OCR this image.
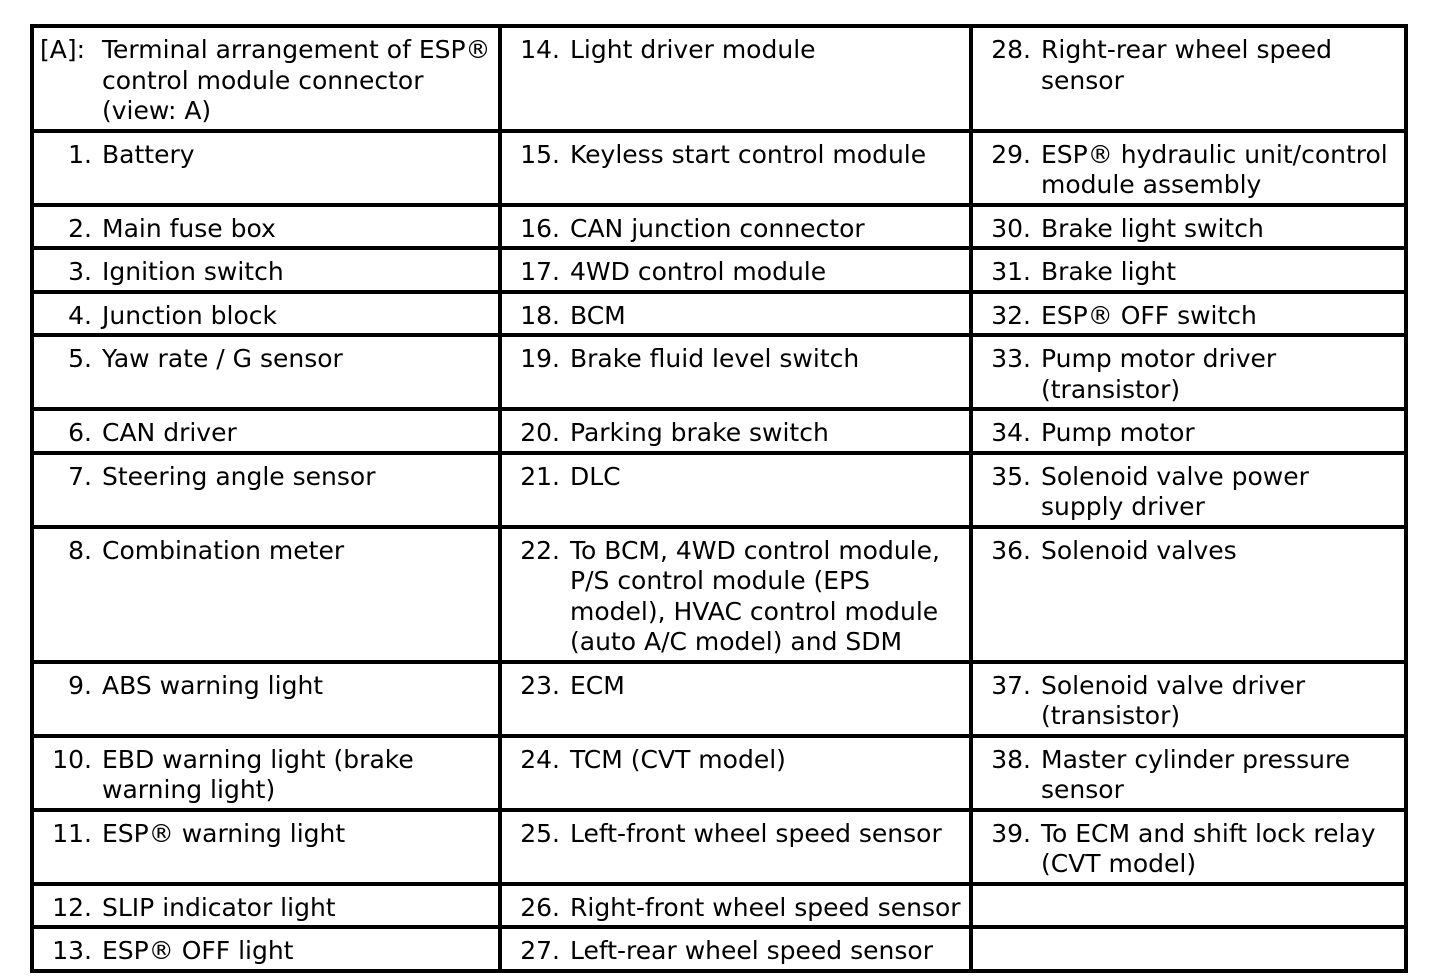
[A]: Terminal arrangement of ESP® control module connector (view: A)	14. Light driver module	28. Right-rear wheel speed sensor

1. Battery	15. Keyless start control module	29. ESP® hydraulic unit/control module assembly

2. Main fuse box	16. CAN junction connector	30. Brake light switch

3. Ignition switch	17. 4WD control module	31. Brake light

4. Junction block	18. BCM	32. ESP® OFF switch

5. Yaw rate / G sensor	19. Brake fluid level switch	33. Pump motor driver (transistor)

6. CAN driver	20. Parking brake switch	34. Pump motor

7. Steering angle sensor	21. DLC	35. Solenoid valve power supply driver

8. Combination meter	22. To BCM, 4WD control module, P/S control module (EPS model), HVAC control module (auto A/C model) and SDM	36. Solenoid valves

9. ABS warning light	23. ECM	37. Solenoid valve driver (transistor)

10. EBD warning light (brake warning light)	24. TCM (CVT model)	38. Master cylinder pressure sensor

11. ESP® warning light	25. Left-front wheel speed sensor	39. To ECM and shift lock relay (CVT model)

12. SLIP indicator light	26. Right-front wheel speed sensor	

13. ESP® OFF light	27. Left-rear wheel speed sensor	
